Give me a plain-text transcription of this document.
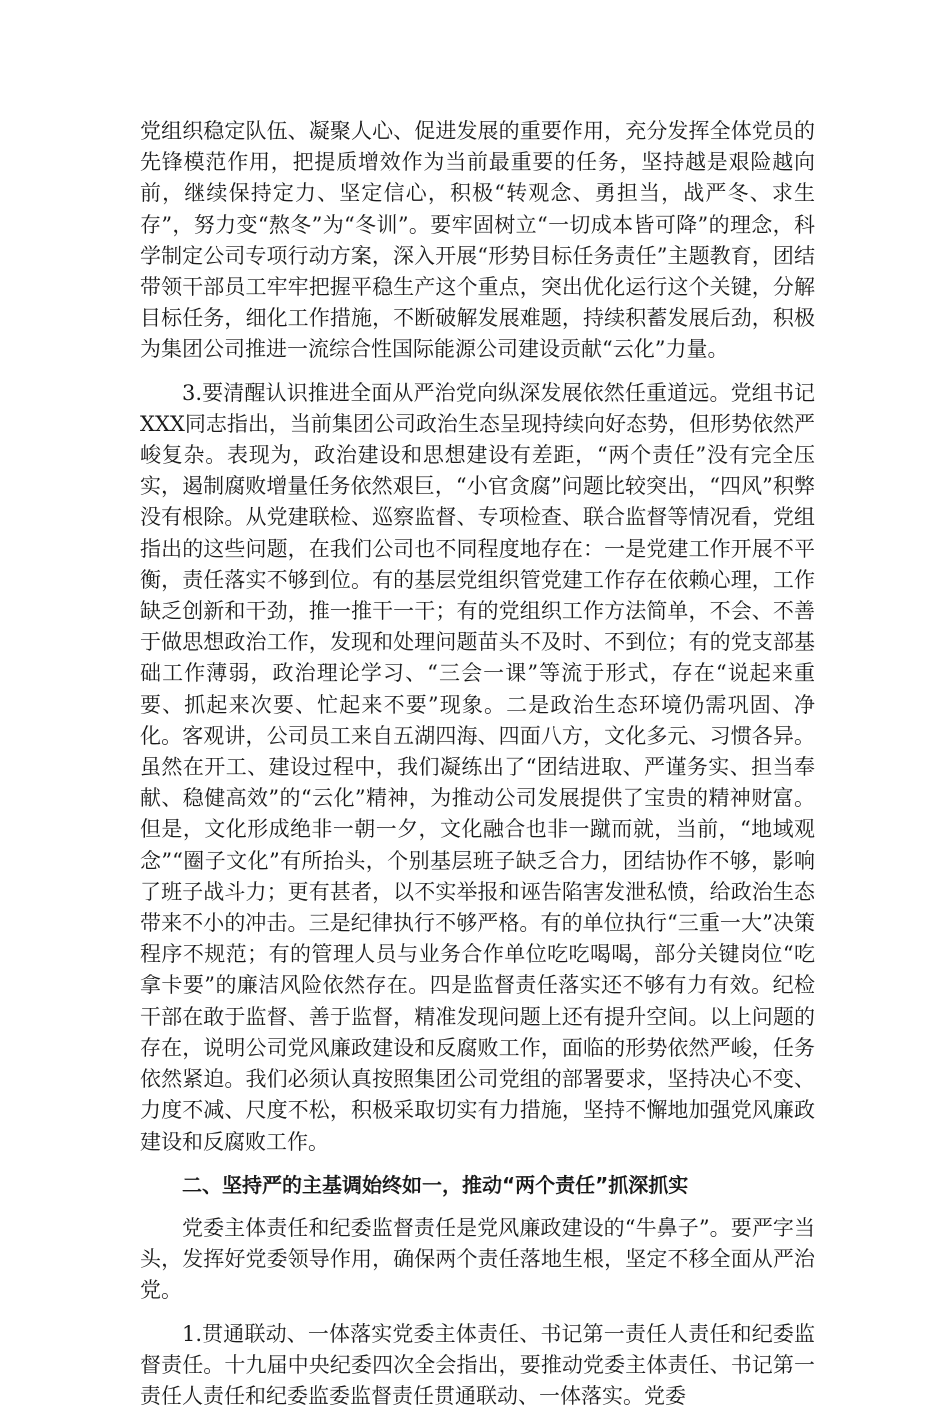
党组织稳定队伍、凝聚人心、促进发展的重要作用，充分发挥全体党员的先锋模范作用，把提质增效作为当前最重要的任务，坚持越是艰险越向前，继续保持定力、坚定信心，积极“转观念、勇担当，战严冬、求生存”，努力变“熬冬”为“冬训”。要牢固树立“一切成本皆可降”的理念，科学制定公司专项行动方案，深入开展“形势目标任务责任”主题教育，团结带领干部员工牢牢把握平稳生产这个重点，突出优化运行这个关键，分解目标任务，细化工作措施，不断破解发展难题，持续积蓄发展后劲，积极为集团公司推进一流综合性国际能源公司建设贡献“云化”力量。

3.要清醒认识推进全面从严治党向纵深发展依然任重道远。党组书记XXX同志指出，当前集团公司政治生态呈现持续向好态势，但形势依然严峻复杂。表现为，政治建设和思想建设有差距，“两个责任”没有完全压实，遏制腐败增量任务依然艰巨，“小官贪腐”问题比较突出，“四风”积弊没有根除。从党建联检、巡察监督、专项检查、联合监督等情况看，党组指出的这些问题，在我们公司也不同程度地存在：一是党建工作开展不平衡，责任落实不够到位。有的基层党组织管党建工作存在依赖心理，工作缺乏创新和干劲，推一推干一干；有的党组织工作方法简单，不会、不善于做思想政治工作，发现和处理问题苗头不及时、不到位；有的党支部基础工作薄弱，政治理论学习、“三会一课”等流于形式，存在“说起来重要、抓起来次要、忙起来不要”现象。二是政治生态环境仍需巩固、净化。客观讲，公司员工来自五湖四海、四面八方，文化多元、习惯各异。虽然在开工、建设过程中，我们凝练出了“团结进取、严谨务实、担当奉献、稳健高效”的“云化”精神，为推动公司发展提供了宝贵的精神财富。但是，文化形成绝非一朝一夕，文化融合也非一蹴而就，当前，“地域观念”“圈子文化”有所抬头，个别基层班子缺乏合力，团结协作不够，影响了班子战斗力；更有甚者，以不实举报和诬告陷害发泄私愤，给政治生态带来不小的冲击。三是纪律执行不够严格。有的单位执行“三重一大”决策程序不规范；有的管理人员与业务合作单位吃吃喝喝，部分关键岗位“吃拿卡要”的廉洁风险依然存在。四是监督责任落实还不够有力有效。纪检干部在敢于监督、善于监督，精准发现问题上还有提升空间。以上问题的存在，说明公司党风廉政建设和反腐败工作，面临的形势依然严峻，任务依然紧迫。我们必须认真按照集团公司党组的部署要求，坚持决心不变、力度不减、尺度不松，积极采取切实有力措施，坚持不懈地加强党风廉政建设和反腐败工作。

二、坚持严的主基调始终如一，推动“两个责任”抓深抓实

党委主体责任和纪委监督责任是党风廉政建设的“牛鼻子”。要严字当头，发挥好党委领导作用，确保两个责任落地生根，坚定不移全面从严治党。

1.贯通联动、一体落实党委主体责任、书记第一责任人责任和纪委监督责任。十九届中央纪委四次全会指出，要推动党委主体责任、书记第一责任人责任和纪委监委监督责任贯通联动、一体落实。党委
